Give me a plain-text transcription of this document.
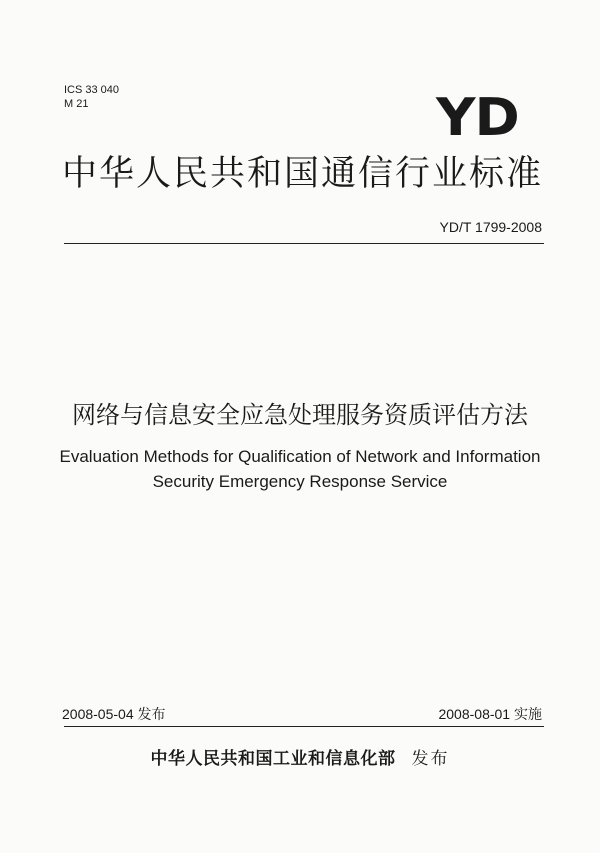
ICS 33 040
M 21	YD
中华人民共和国通信行业标准
YD/T 1799-2008
网络与信息安全应急处理服务资质评估方法
Evaluation Methods for Qualification of Network and Information
Security Emergency Response Service
2008-05-04 发布	2008-08-01 实施
中华人民共和国工业和信息化部 发布
